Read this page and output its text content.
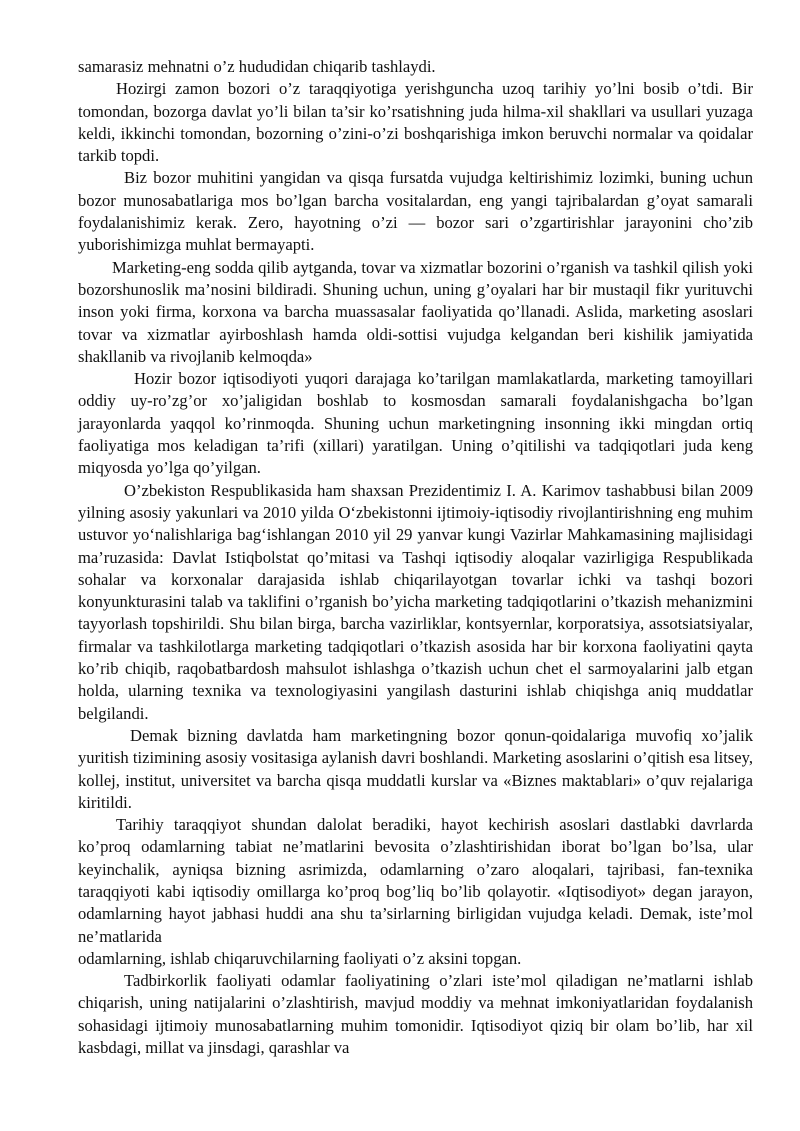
samarasiz mehnatni o’z hududidan chiqarib tashlaydi.

Hozirgi zamon bozori o’z taraqqiyotiga yerishguncha uzoq tarihiy yo’lni bosib o’tdi. Bir tomondan, bozorga davlat yo’li bilan ta’sir ko’rsatishning juda hilma-xil shakllari va usullari yuzaga keldi, ikkinchi tomondan, bozorning o’zini-o’zi boshqarishiga imkon beruvchi normalar va qoidalar tarkib topdi.

Biz bozor muhitini yangidan va qisqa fursatda vujudga keltirishimiz lozimki, buning uchun bozor munosabatlariga mos bo’lgan barcha vositalardan, eng yangi tajribalardan g’oyat samarali foydalanishimiz kerak. Zero, hayotning o’zi — bozor sari o’zgartirishlar jarayonini cho’zib yuborishimizga muhlat bermayapti.

Marketing-eng sodda qilib aytganda, tovar va xizmatlar bozorini o’rganish va tashkil qilish yoki bozorshunoslik ma’nosini bildiradi. Shuning uchun, uning g’oyalari har bir mustaqil fikr yurituvchi inson yoki firma, korxona va barcha muassasalar faoliyatida qo’llanadi. Aslida, marketing asoslari tovar va xizmatlar ayirboshlash hamda oldi-sottisi vujudga kelgandan beri kishilik jamiyatida shakllanib va rivojlanib kelmoqda»

Hozir bozor iqtisodiyoti yuqori darajaga ko’tarilgan mamlakatlarda, marketing tamoyillari oddiy uy-ro’zg’or xo’jaligidan boshlab to kosmosdan samarali foydalanishgacha bo’lgan jarayonlarda yaqqol ko’rinmoqda. Shuning uchun marketingning insonning ikki mingdan ortiq faoliyatiga mos keladigan ta’rifi (xillari) yaratilgan. Uning o’qitilishi va tadqiqotlari juda keng miqyosda yo’lga qo’yilgan.

O’zbekiston Respublikasida ham shaxsan Prezidentimiz I. A. Karimov tashabbusi bilan 2009 yilning asosiy yakunlari va 2010 yilda O‘zbekistonni ijtimoiy-iqtisodiy rivojlantirishning eng muhim ustuvor yo‘nalishlariga bag‘ishlangan 2010 yil 29 yanvar kungi Vazirlar Mahkamasining majlisidagi ma’ruzasida: Davlat Istiqbolstat qo’mitasi va Tashqi iqtisodiy aloqalar vazirligiga Respublikada sohalar va korxonalar darajasida ishlab chiqarilayotgan tovarlar ichki va tashqi bozori konyunkturasini talab va taklifini o’rganish bo’yicha marketing tadqiqotlarini o’tkazish mehanizmini tayyorlash topshirildi. Shu bilan birga, barcha vazirliklar, kontsyernlar, korporatsiya, assotsiatsiyalar, firmalar va tashkilotlarga marketing tadqiqotlari o’tkazish asosida har bir korxona faoliyatini qayta ko’rib chiqib, raqobatbardosh mahsulot ishlashga o’tkazish uchun chet el sarmoyalarini jalb etgan holda, ularning texnika va texnologiyasini yangilash dasturini ishlab chiqishga aniq muddatlar belgilandi.

Demak bizning davlatda ham marketingning bozor qonun-qoidalariga muvofiq xo’jalik yuritish tizimining asosiy vositasiga aylanish davri boshlandi. Marketing asoslarini o’qitish esa litsey, kollej, institut, universitet va barcha qisqa muddatli kurslar va «Biznes maktablari» o’quv rejalariga kiritildi.

Tarihiy taraqqiyot shundan dalolat beradiki, hayot kechirish asoslari dastlabki davrlarda ko’proq odamlarning tabiat ne’matlarini bevosita o’zlashtirishidan iborat bo’lgan bo’lsa, ular keyinchalik, ayniqsa bizning asrimizda, odamlarning o’zaro aloqalari, tajribasi, fan-texnika taraqqiyoti kabi iqtisodiy omillarga ko’proq bog’liq bo’lib qolayotir. «Iqtisodiyot» degan jarayon, odamlarning hayot jabhasi huddi ana shu ta’sirlarning birligidan vujudga keladi. Demak, iste’mol ne’matlarida

odamlarning, ishlab chiqaruvchilarning faoliyati o’z aksini topgan.

Tadbirkorlik faoliyati odamlar faoliyatining o’zlari iste’mol qiladigan ne’matlarni ishlab chiqarish, uning natijalarini o’zlashtirish, mavjud moddiy va mehnat imkoniyatlaridan foydalanish sohasidagi ijtimoiy munosabatlarning muhim tomonidir. Iqtisodiyot qiziq bir olam bo’lib, har xil kasbdagi, millat va jinsdagi, qarashlar va
